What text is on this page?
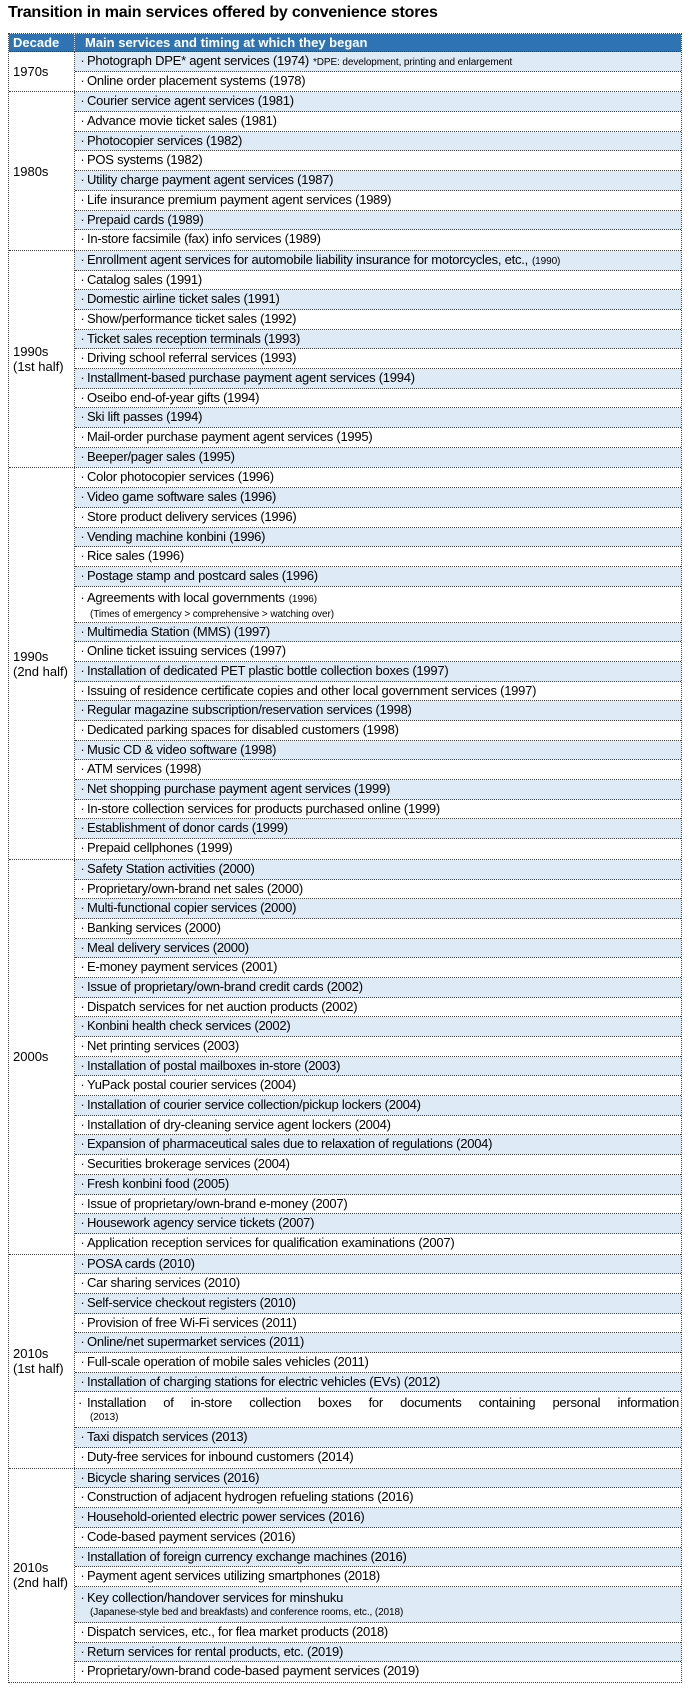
Transition in main services offered by convenience stores
Decade	Main services and timing at which they began
1970s
· Photograph DPE* agent services (1974) *DPE: development, printing and enlargement
· Online order placement systems (1978)
1980s
· Courier service agent services (1981)
· Advance movie ticket sales (1981)
· Photocopier services (1982)
· POS systems (1982)
· Utility charge payment agent services (1987)
· Life insurance premium payment agent services (1989)
· Prepaid cards (1989)
· In-store facsimile (fax) info services (1989)
1990s
(1st half)
· Enrollment agent services for automobile liability insurance for motorcycles, etc., (1990)
· Catalog sales (1991)
· Domestic airline ticket sales (1991)
· Show/performance ticket sales (1992)
· Ticket sales reception terminals (1993)
· Driving school referral services (1993)
· Installment-based purchase payment agent services (1994)
· Oseibo end-of-year gifts (1994)
· Ski lift passes (1994)
· Mail-order purchase payment agent services (1995)
· Beeper/pager sales (1995)
1990s
(2nd half)
· Color photocopier services (1996)
· Video game software sales (1996)
· Store product delivery services (1996)
· Vending machine konbini (1996)
· Rice sales (1996)
· Postage stamp and postcard sales (1996)
· Agreements with local governments (1996)
(Times of emergency > comprehensive > watching over)
· Multimedia Station (MMS) (1997)
· Online ticket issuing services (1997)
· Installation of dedicated PET plastic bottle collection boxes (1997)
· Issuing of residence certificate copies and other local government services (1997)
· Regular magazine subscription/reservation services (1998)
· Dedicated parking spaces for disabled customers (1998)
· Music CD & video software (1998)
· ATM services (1998)
· Net shopping purchase payment agent services (1999)
· In-store collection services for products purchased online (1999)
· Establishment of donor cards (1999)
· Prepaid cellphones (1999)
2000s
· Safety Station activities (2000)
· Proprietary/own-brand net sales (2000)
· Multi-functional copier services (2000)
· Banking services (2000)
· Meal delivery services (2000)
· E-money payment services (2001)
· Issue of proprietary/own-brand credit cards (2002)
· Dispatch services for net auction products (2002)
· Konbini health check services (2002)
· Net printing services (2003)
· Installation of postal mailboxes in-store (2003)
· YuPack postal courier services (2004)
· Installation of courier service collection/pickup lockers (2004)
· Installation of dry-cleaning service agent lockers (2004)
· Expansion of pharmaceutical sales due to relaxation of regulations (2004)
· Securities brokerage services (2004)
· Fresh konbini food (2005)
· Issue of proprietary/own-brand e-money (2007)
· Housework agency service tickets (2007)
· Application reception services for qualification examinations (2007)
2010s
(1st half)
· POSA cards (2010)
· Car sharing services (2010)
· Self-service checkout registers (2010)
· Provision of free Wi-Fi services (2011)
· Online/net supermarket services (2011)
· Full-scale operation of mobile sales vehicles (2011)
· Installation of charging stations for electric vehicles (EVs) (2012)
· Installation of in-store collection boxes for documents containing personal information
(2013)
· Taxi dispatch services (2013)
· Duty-free services for inbound customers (2014)
2010s
(2nd half)
· Bicycle sharing services (2016)
· Construction of adjacent hydrogen refueling stations (2016)
· Household-oriented electric power services (2016)
· Code-based payment services (2016)
· Installation of foreign currency exchange machines (2016)
· Payment agent services utilizing smartphones (2018)
· Key collection/handover services for minshuku
(Japanese-style bed and breakfasts) and conference rooms, etc., (2018)
· Dispatch services, etc., for flea market products (2018)
· Return services for rental products, etc. (2019)
· Proprietary/own-brand code-based payment services (2019)
